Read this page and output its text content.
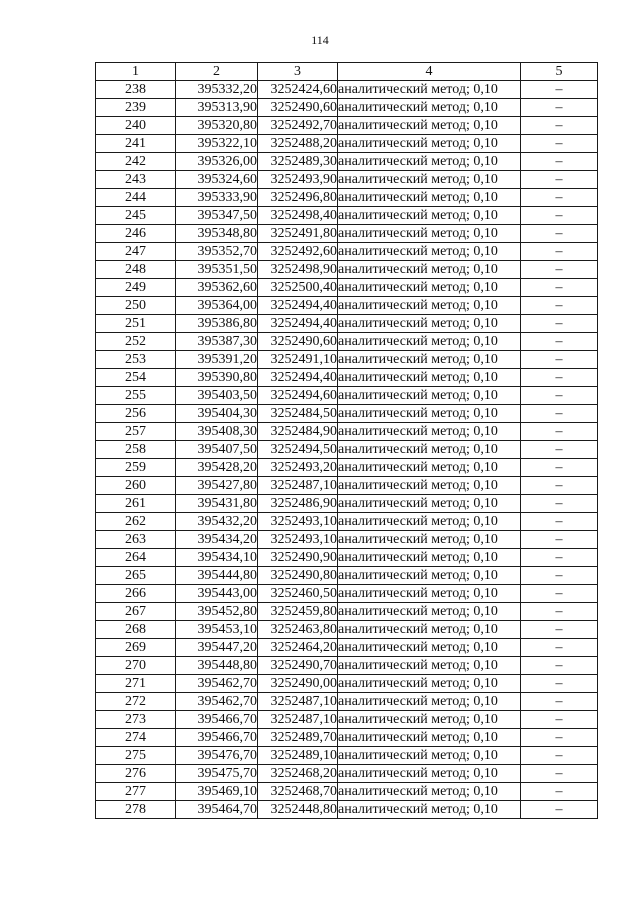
114
1	2	3	4	5
238	395332,20	3252424,60	аналитический метод; 0,10	–
239	395313,90	3252490,60	аналитический метод; 0,10	–
240	395320,80	3252492,70	аналитический метод; 0,10	–
241	395322,10	3252488,20	аналитический метод; 0,10	–
242	395326,00	3252489,30	аналитический метод; 0,10	–
243	395324,60	3252493,90	аналитический метод; 0,10	–
244	395333,90	3252496,80	аналитический метод; 0,10	–
245	395347,50	3252498,40	аналитический метод; 0,10	–
246	395348,80	3252491,80	аналитический метод; 0,10	–
247	395352,70	3252492,60	аналитический метод; 0,10	–
248	395351,50	3252498,90	аналитический метод; 0,10	–
249	395362,60	3252500,40	аналитический метод; 0,10	–
250	395364,00	3252494,40	аналитический метод; 0,10	–
251	395386,80	3252494,40	аналитический метод; 0,10	–
252	395387,30	3252490,60	аналитический метод; 0,10	–
253	395391,20	3252491,10	аналитический метод; 0,10	–
254	395390,80	3252494,40	аналитический метод; 0,10	–
255	395403,50	3252494,60	аналитический метод; 0,10	–
256	395404,30	3252484,50	аналитический метод; 0,10	–
257	395408,30	3252484,90	аналитический метод; 0,10	–
258	395407,50	3252494,50	аналитический метод; 0,10	–
259	395428,20	3252493,20	аналитический метод; 0,10	–
260	395427,80	3252487,10	аналитический метод; 0,10	–
261	395431,80	3252486,90	аналитический метод; 0,10	–
262	395432,20	3252493,10	аналитический метод; 0,10	–
263	395434,20	3252493,10	аналитический метод; 0,10	–
264	395434,10	3252490,90	аналитический метод; 0,10	–
265	395444,80	3252490,80	аналитический метод; 0,10	–
266	395443,00	3252460,50	аналитический метод; 0,10	–
267	395452,80	3252459,80	аналитический метод; 0,10	–
268	395453,10	3252463,80	аналитический метод; 0,10	–
269	395447,20	3252464,20	аналитический метод; 0,10	–
270	395448,80	3252490,70	аналитический метод; 0,10	–
271	395462,70	3252490,00	аналитический метод; 0,10	–
272	395462,70	3252487,10	аналитический метод; 0,10	–
273	395466,70	3252487,10	аналитический метод; 0,10	–
274	395466,70	3252489,70	аналитический метод; 0,10	–
275	395476,70	3252489,10	аналитический метод; 0,10	–
276	395475,70	3252468,20	аналитический метод; 0,10	–
277	395469,10	3252468,70	аналитический метод; 0,10	–
278	395464,70	3252448,80	аналитический метод; 0,10	–
